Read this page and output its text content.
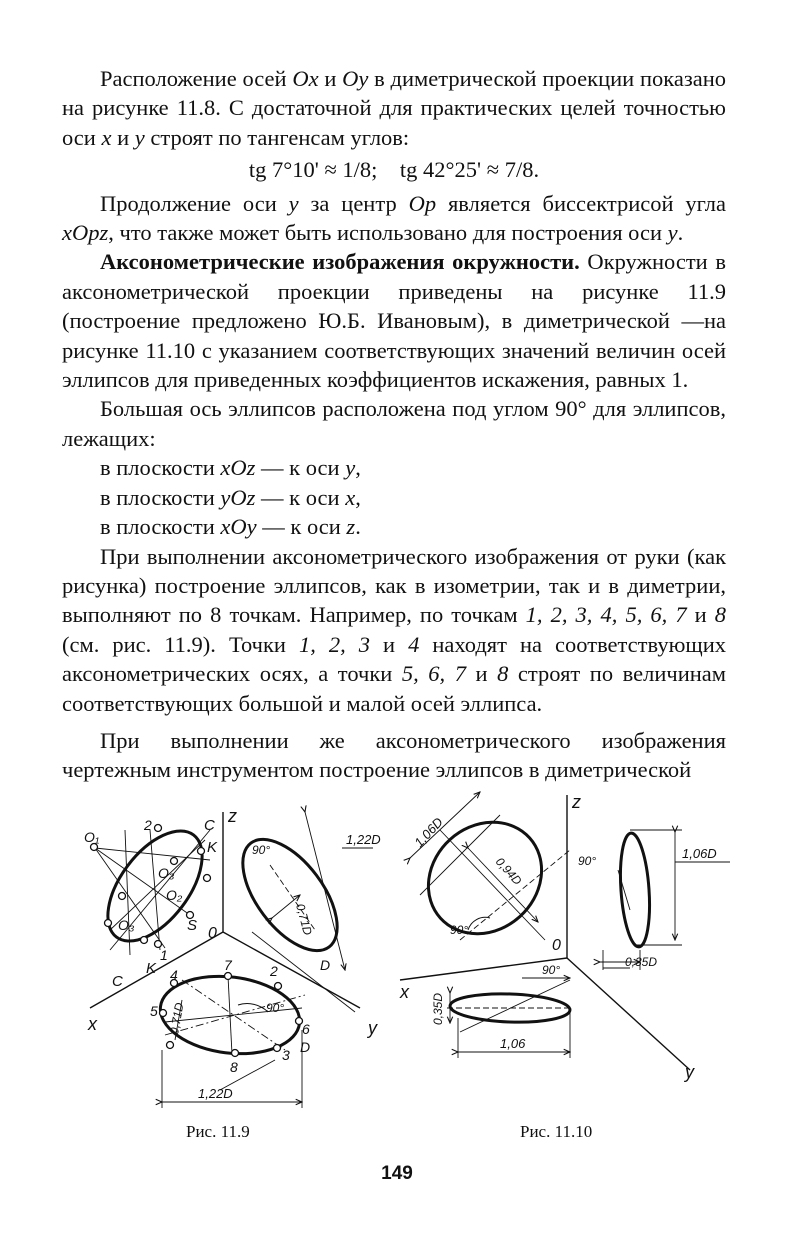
Расположение осей Ox и Oy в диметрической проекции показано на рисунке 11.8. С достаточной для практических целей точностью оси x и y строят по тангенсам углов:

tg 7°10' ≈ 1/8;    tg 42°25' ≈ 7/8.

Продолжение оси y за центр Op является биссектрисой угла xOpz, что также может быть использовано для построения оси y.

Аксонометрические изображения окружности. Окружности в аксонометрической проекции приведены на рисунке 11.9 (построение предложено Ю.Б. Ивановым), в диметрической —на рисунке 11.10 с указанием соответствующих значений величин осей эллипсов для приведенных коэффициентов искажения, равных 1.

Большая ось эллипсов расположена под углом 90° для эллипсов, лежащих:

в плоскости xOz — к оси y,

в плоскости yOz — к оси x,

в плоскости xOy — к оси z.

При выполнении аксонометрического изображения от руки (как рисунка) построение эллипсов, как в изометрии, так и в диметрии, выполняют по 8 точкам. Например, по точкам 1, 2, 3, 4, 5, 6, 7 и 8 (см. рис. 11.9). Точки 1, 2, 3 и 4 находят на соответствующих аксонометрических осях, а точки 5, 6, 7 и 8 строят по величинам соответствующих большой и малой осей эллипса.

При выполнении же аксонометрического изображения чертежным инструментом построение эллипсов в диметрической

z
x	y
0
O₁
O₂
O₃
O₃
C
C
K
K
S
1
2
4
5
7	2
6
3
8
1,22D
0,71D
D
1,22D
0,71D
D
90°
90°
z
x
y
0
1,06D
0,94D
1,06D
0,35D
0,35D
1,06
90°
90°
90°
Рис. 11.9	Рис. 11.10
149
